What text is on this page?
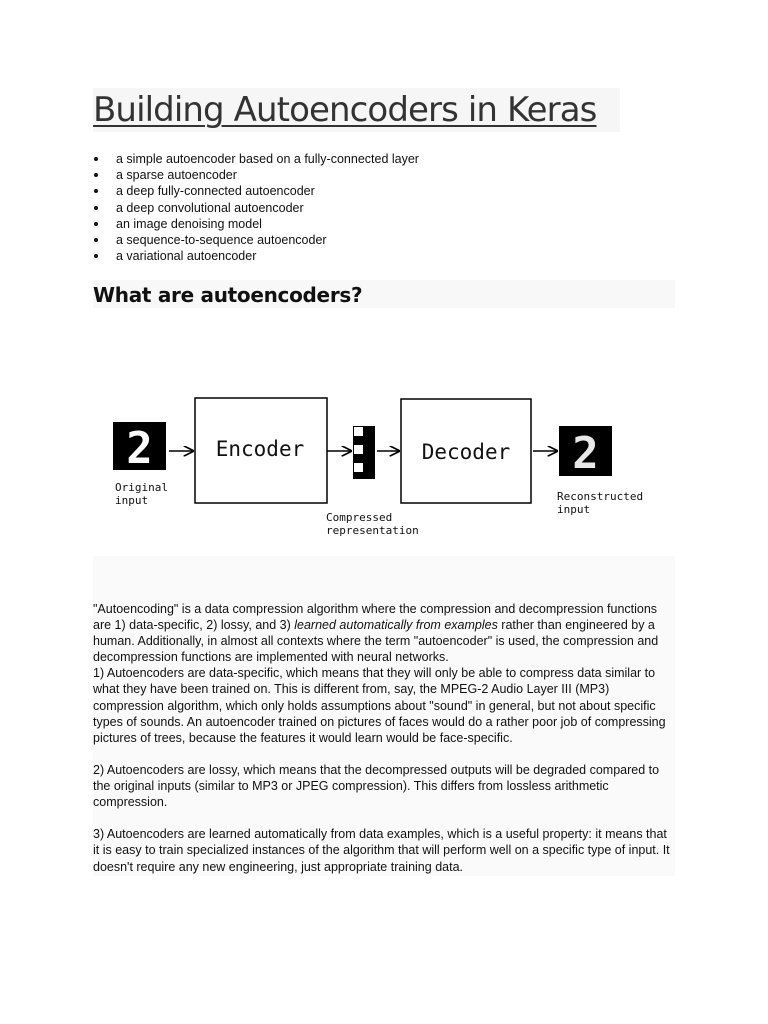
Building Autoencoders in Keras
a simple autoencoder based on a fully-connected layer
a sparse autoencoder
a deep fully-connected autoencoder
a deep convolutional autoencoder
an image denoising model
a sequence-to-sequence autoencoder
a variational autoencoder
What are autoencoders?
2
Original
input
Encoder
Compressed
representation
Decoder 2
Reconstructed
input

"Autoencoding" is a data compression algorithm where the compression and decompression functions are 1) data-specific, 2) lossy, and 3) learned automatically from examples rather than engineered by a human. Additionally, in almost all contexts where the term "autoencoder" is used, the compression and decompression functions are implemented with neural networks.

1) Autoencoders are data-specific, which means that they will only be able to compress data similar to what they have been trained on. This is different from, say, the MPEG-2 Audio Layer III (MP3) compression algorithm, which only holds assumptions about "sound" in general, but not about specific types of sounds. An autoencoder trained on pictures of faces would do a rather poor job of compressing pictures of trees, because the features it would learn would be face-specific.

2) Autoencoders are lossy, which means that the decompressed outputs will be degraded compared to the original inputs (similar to MP3 or JPEG compression). This differs from lossless arithmetic compression.

3) Autoencoders are learned automatically from data examples, which is a useful property: it means that it is easy to train specialized instances of the algorithm that will perform well on a specific type of input. It doesn't require any new engineering, just appropriate training data.
